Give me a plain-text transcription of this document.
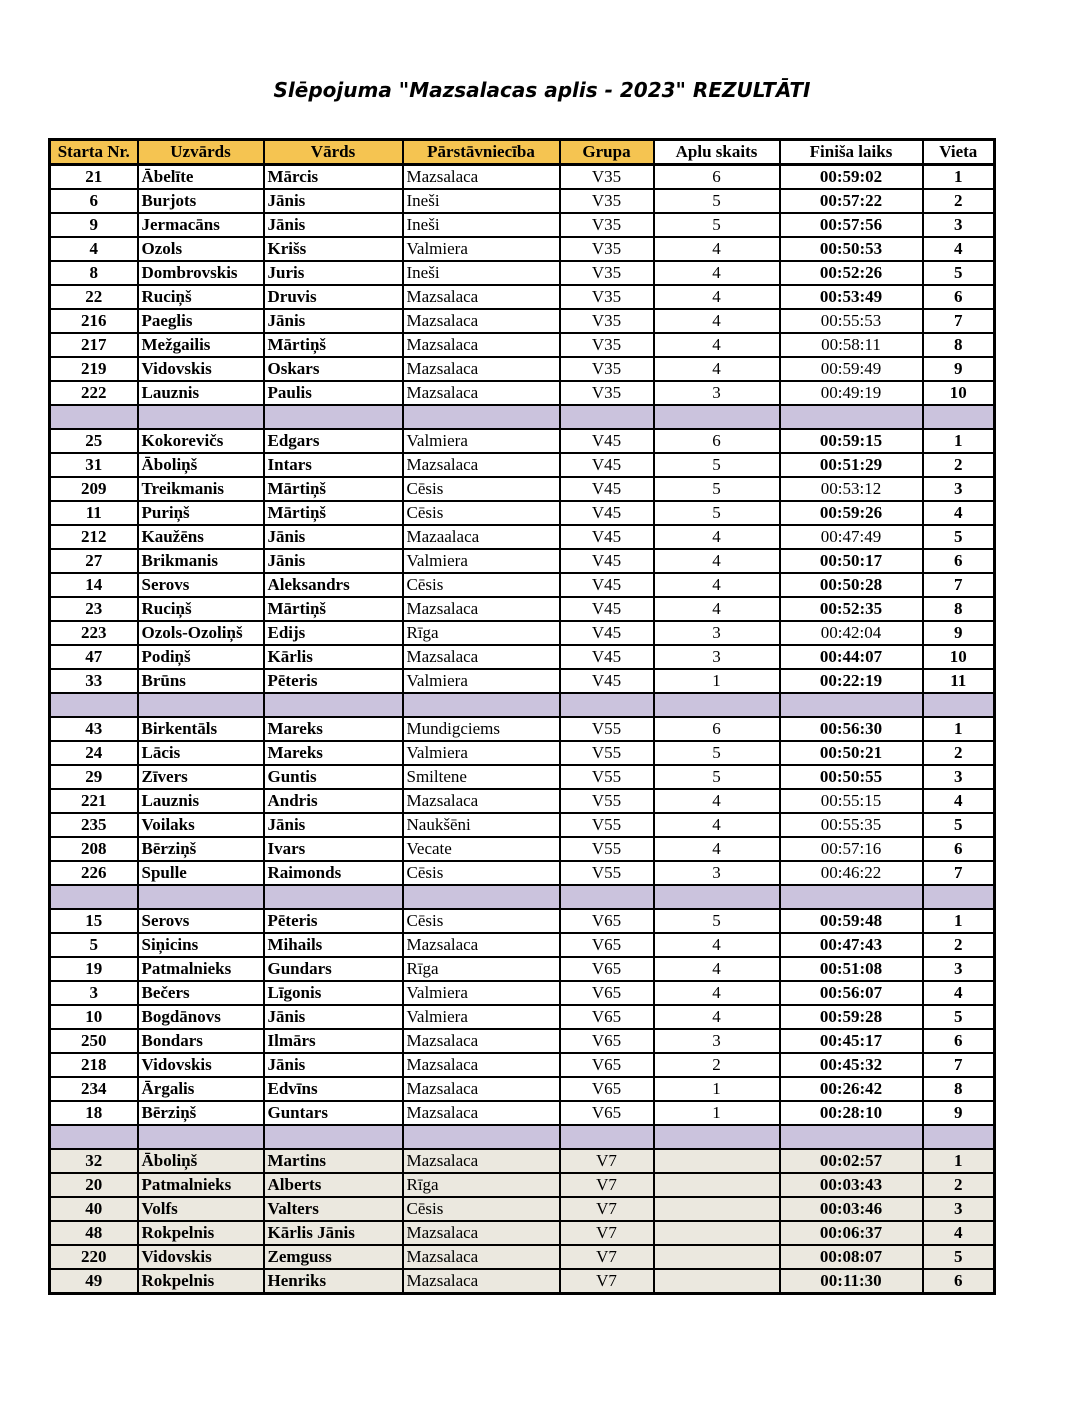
Slēpojuma "Mazsalacas aplis - 2023" REZULTĀTI
Starta Nr.	Uzvārds	Vārds	Pārstāvniecība	Grupa	Aplu skaits	Finiša laiks	Vieta
21	Ābelīte	Mārcis	Mazsalaca	V35	6	00:59:02	1
6	Burjots	Jānis	Ineši	V35	5	00:57:22	2
9	Jermacāns	Jānis	Ineši	V35	5	00:57:56	3
4	Ozols	Krišs	Valmiera	V35	4	00:50:53	4
8	Dombrovskis	Juris	Ineši	V35	4	00:52:26	5
22	Ruciņš	Druvis	Mazsalaca	V35	4	00:53:49	6
216	Paeglis	Jānis	Mazsalaca	V35	4	00:55:53	7
217	Mežgailis	Mārtiņš	Mazsalaca	V35	4	00:58:11	8
219	Vidovskis	Oskars	Mazsalaca	V35	4	00:59:49	9
222	Lauznis	Paulis	Mazsalaca	V35	3	00:49:19	10

25	Kokorevičs	Edgars	Valmiera	V45	6	00:59:15	1
31	Āboliņš	Intars	Mazsalaca	V45	5	00:51:29	2
209	Treikmanis	Mārtiņš	Cēsis	V45	5	00:53:12	3
11	Puriņš	Mārtiņš	Cēsis	V45	5	00:59:26	4
212	Kaužēns	Jānis	Mazaalaca	V45	4	00:47:49	5
27	Brikmanis	Jānis	Valmiera	V45	4	00:50:17	6
14	Serovs	Aleksandrs	Cēsis	V45	4	00:50:28	7
23	Ruciņš	Mārtiņš	Mazsalaca	V45	4	00:52:35	8
223	Ozols-Ozoliņš	Edijs	Rīga	V45	3	00:42:04	9
47	Podiņš	Kārlis	Mazsalaca	V45	3	00:44:07	10
33	Brūns	Pēteris	Valmiera	V45	1	00:22:19	11

43	Birkentāls	Mareks	Mundigciems	V55	6	00:56:30	1
24	Lācis	Mareks	Valmiera	V55	5	00:50:21	2
29	Zīvers	Guntis	Smiltene	V55	5	00:50:55	3
221	Lauznis	Andris	Mazsalaca	V55	4	00:55:15	4
235	Voilaks	Jānis	Naukšēni	V55	4	00:55:35	5
208	Bērziņš	Ivars	Vecate	V55	4	00:57:16	6
226	Spulle	Raimonds	Cēsis	V55	3	00:46:22	7

15	Serovs	Pēteris	Cēsis	V65	5	00:59:48	1
5	Siņicins	Mihails	Mazsalaca	V65	4	00:47:43	2
19	Patmalnieks	Gundars	Rīga	V65	4	00:51:08	3
3	Bečers	Līgonis	Valmiera	V65	4	00:56:07	4
10	Bogdānovs	Jānis	Valmiera	V65	4	00:59:28	5
250	Bondars	Ilmārs	Mazsalaca	V65	3	00:45:17	6
218	Vidovskis	Jānis	Mazsalaca	V65	2	00:45:32	7
234	Ārgalis	Edvīns	Mazsalaca	V65	1	00:26:42	8
18	Bērziņš	Guntars	Mazsalaca	V65	1	00:28:10	9

32	Āboliņš	Martins	Mazsalaca	V7		00:02:57	1
20	Patmalnieks	Alberts	Rīga	V7		00:03:43	2
40	Volfs	Valters	Cēsis	V7		00:03:46	3
48	Rokpelnis	Kārlis Jānis	Mazsalaca	V7		00:06:37	4
220	Vidovskis	Zemguss	Mazsalaca	V7		00:08:07	5
49	Rokpelnis	Henriks	Mazsalaca	V7		00:11:30	6
